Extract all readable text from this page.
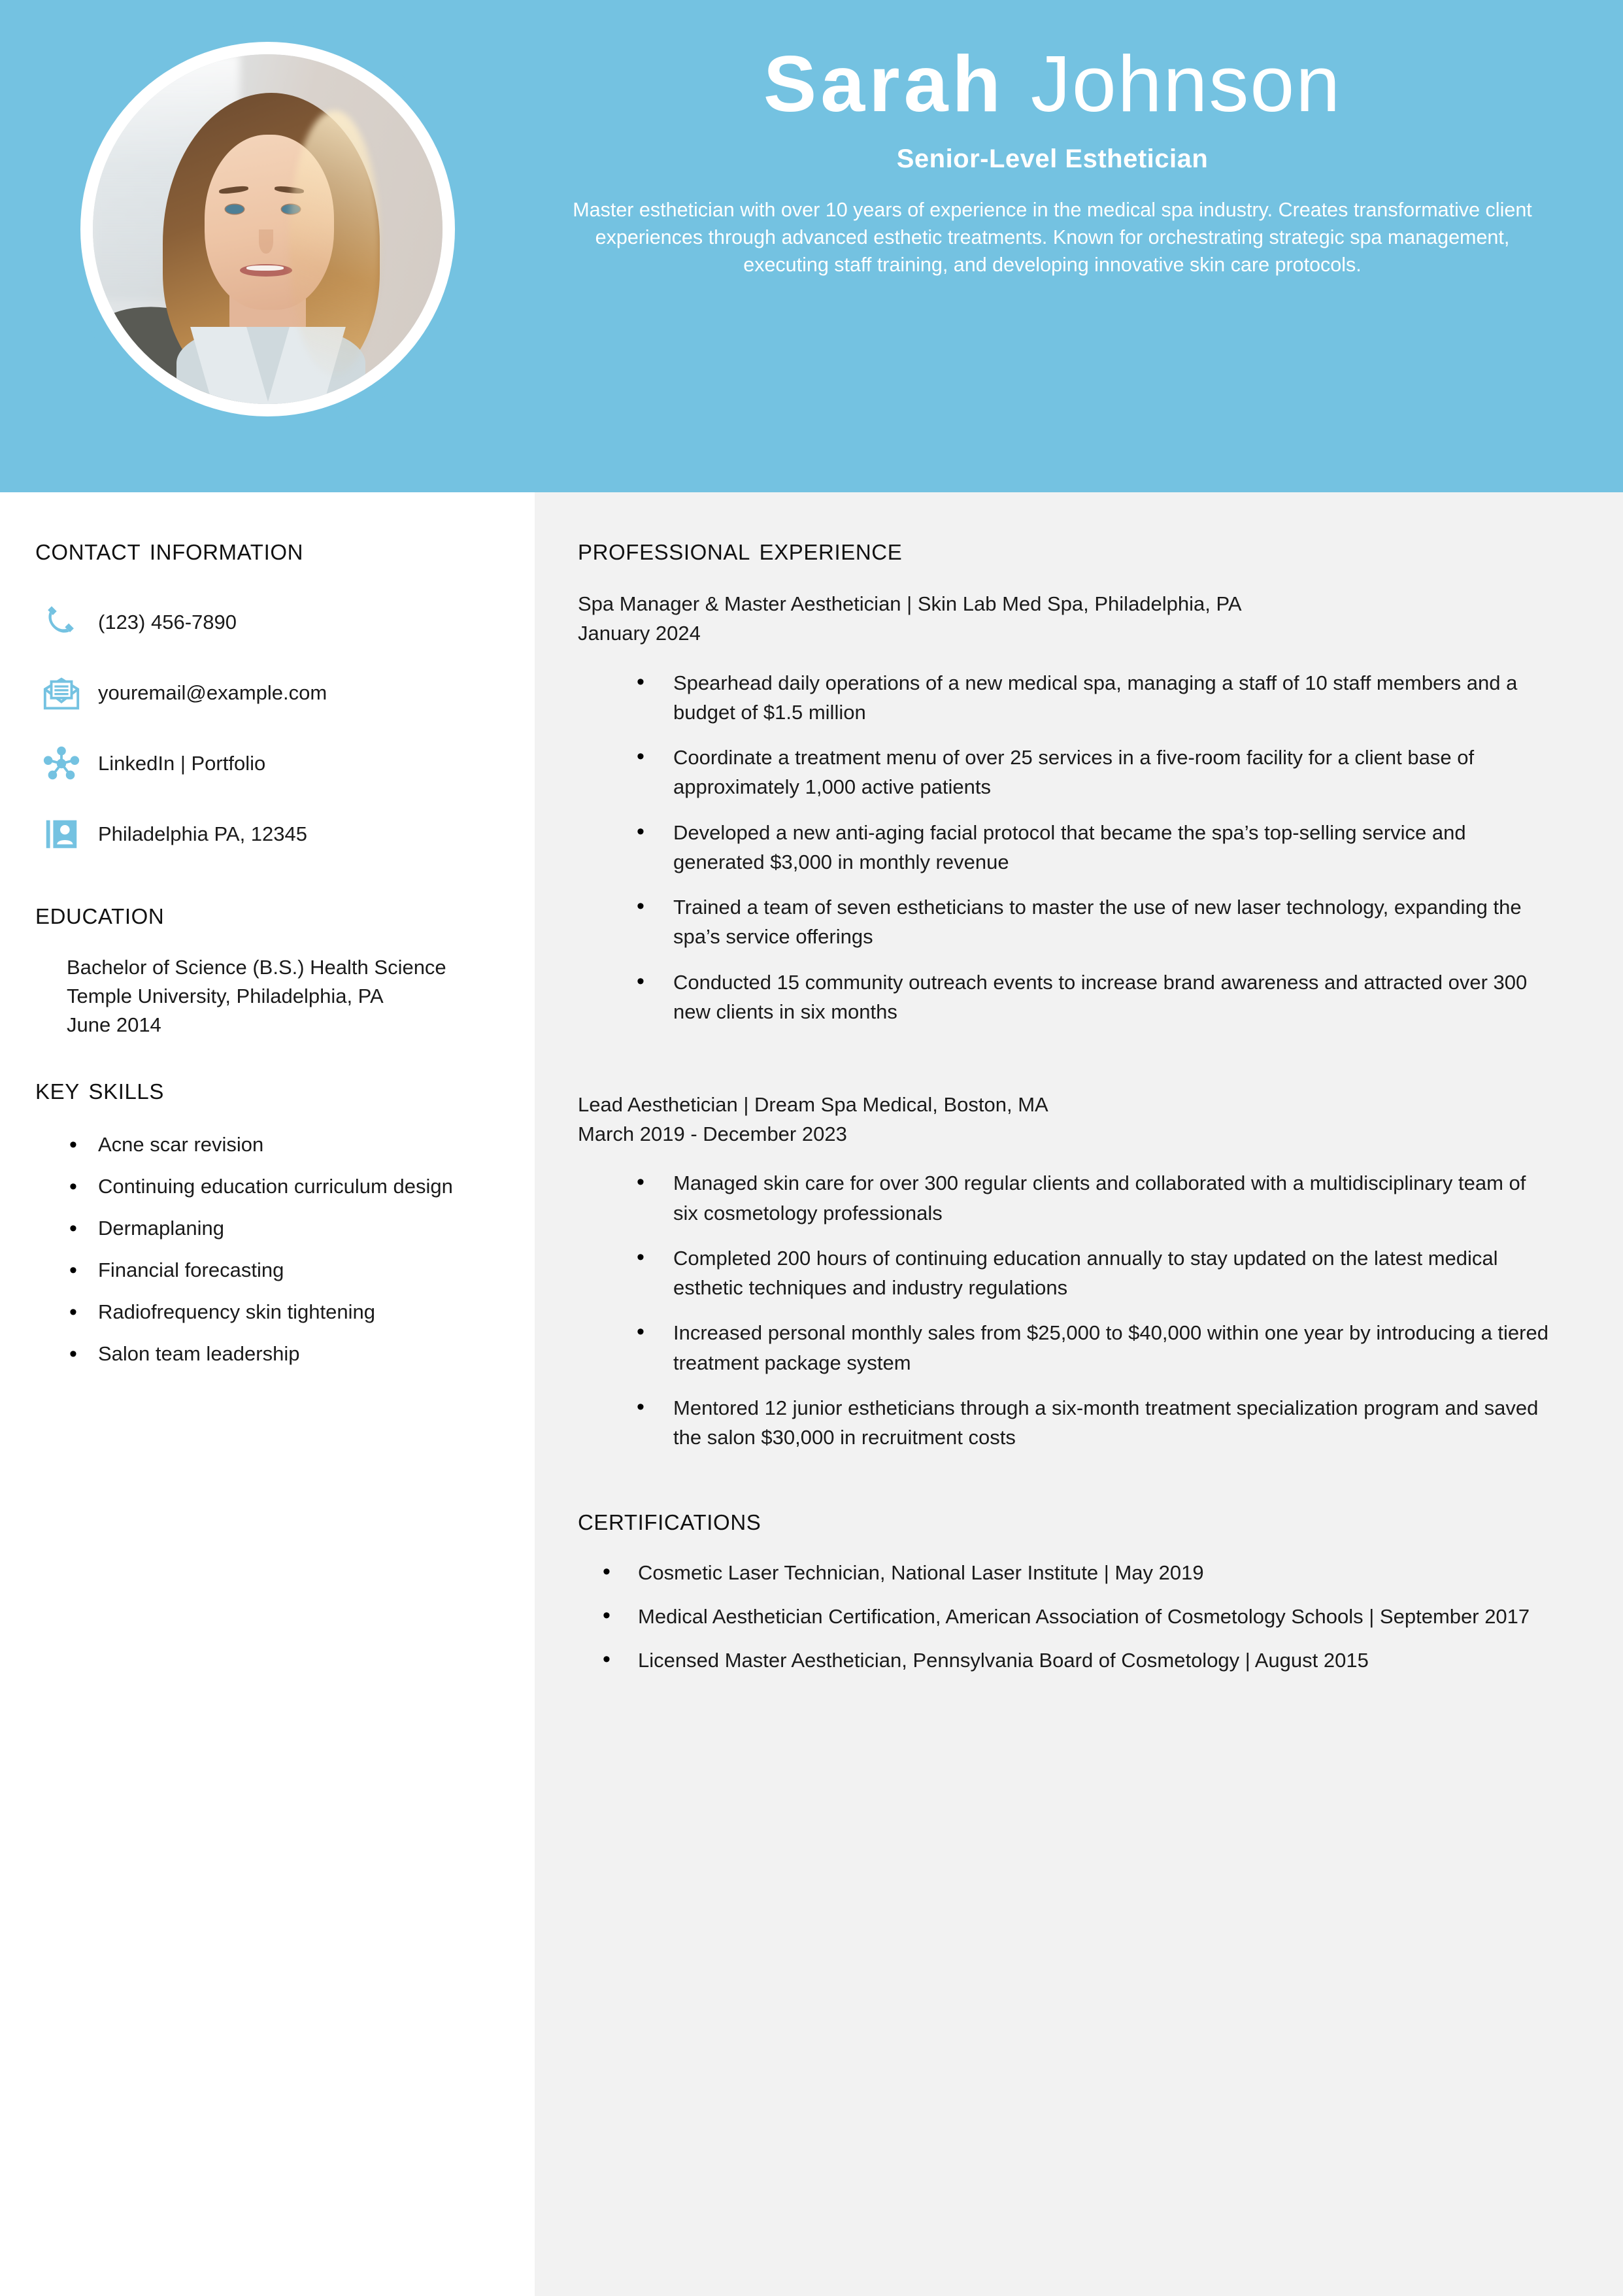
Sarah Johnson
Senior-Level Esthetician
Master esthetician with over 10 years of experience in the medical spa industry. Creates transformative client experiences through advanced esthetic treatments. Known for orchestrating strategic spa management, executing staff training, and developing innovative skin care protocols.
contact information
(123) 456-7890
youremail@example.com
LinkedIn | Portfolio
Philadelphia PA, 12345
education
Bachelor of Science (B.S.) Health Science
Temple University, Philadelphia, PA
June 2014
key skills
• Acne scar revision
• Continuing education curriculum design
• Dermaplaning
• Financial forecasting
• Radiofrequency skin tightening
• Salon team leadership
professional experience
Spa Manager & Master Aesthetician | Skin Lab Med Spa, Philadelphia, PA
January 2024
• Spearhead daily operations of a new medical spa, managing a staff of 10 staff members and a budget of $1.5 million
• Coordinate a treatment menu of over 25 services in a five-room facility for a client base of approximately 1,000 active patients
• Developed a new anti-aging facial protocol that became the spa’s top-selling service and generated $3,000 in monthly revenue
• Trained a team of seven estheticians to master the use of new laser technology, expanding the spa’s service offerings
• Conducted 15 community outreach events to increase brand awareness and attracted over 300 new clients in six months
Lead Aesthetician | Dream Spa Medical, Boston, MA
March 2019 - December 2023
• Managed skin care for over 300 regular clients and collaborated with a multidisciplinary team of six cosmetology professionals
• Completed 200 hours of continuing education annually to stay updated on the latest medical esthetic techniques and industry regulations
• Increased personal monthly sales from $25,000 to $40,000 within one year by introducing a tiered treatment package system
• Mentored 12 junior estheticians through a six-month treatment specialization program and saved the salon $30,000 in recruitment costs
certifications
• Cosmetic Laser Technician, National Laser Institute | May 2019
• Medical Aesthetician Certification, American Association of Cosmetology Schools | September 2017
• Licensed Master Aesthetician, Pennsylvania Board of Cosmetology | August 2015
